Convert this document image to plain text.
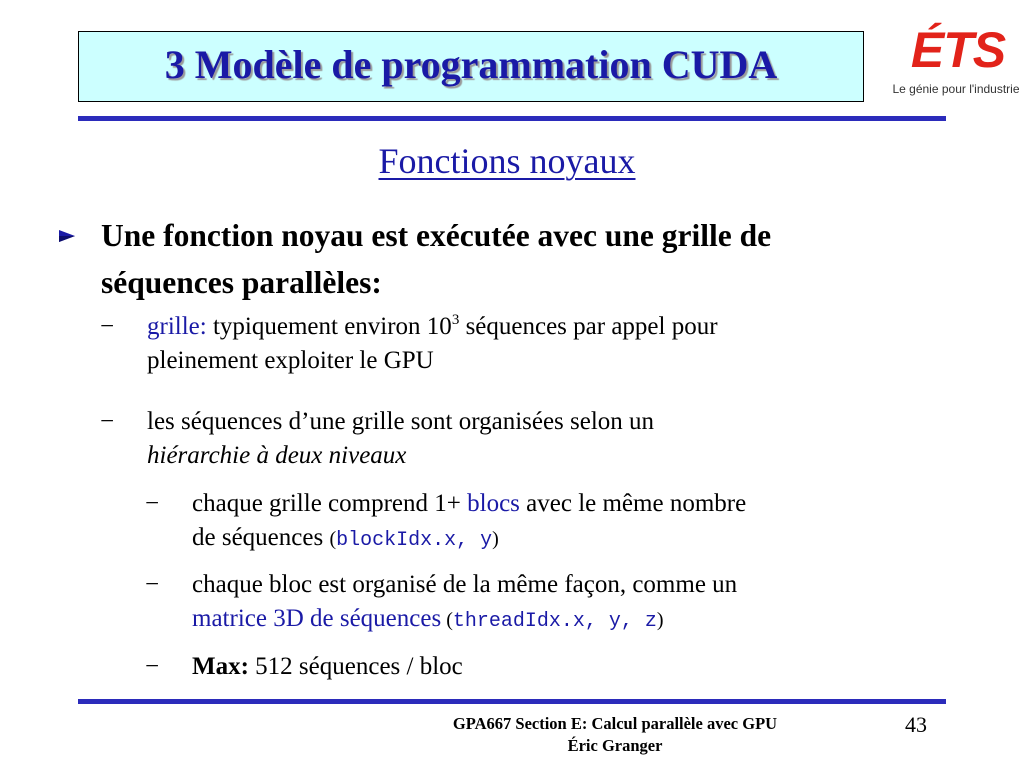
3 Modèle de programmation CUDA	ÉTS
Le génie pour l'industrie
Fonctions noyaux
Une fonction noyau est exécutée avec une grille de
séquences parallèles:
− grille: typiquement environ $10^3$ séquences par appel pour
pleinement exploiter le GPU
− les séquences d’une grille sont organisées selon un
hiérarchie à deux niveaux
− chaque grille comprend 1+ blocs avec le même nombre
de séquences (blockIdx.x, y)
− chaque bloc est organisé de la même façon, comme un
matrice 3D de séquences (threadIdx.x, y, z)
− Max: 512 séquences / bloc
GPA667 Section E: Calcul parallèle avec GPU
Éric Granger
43
